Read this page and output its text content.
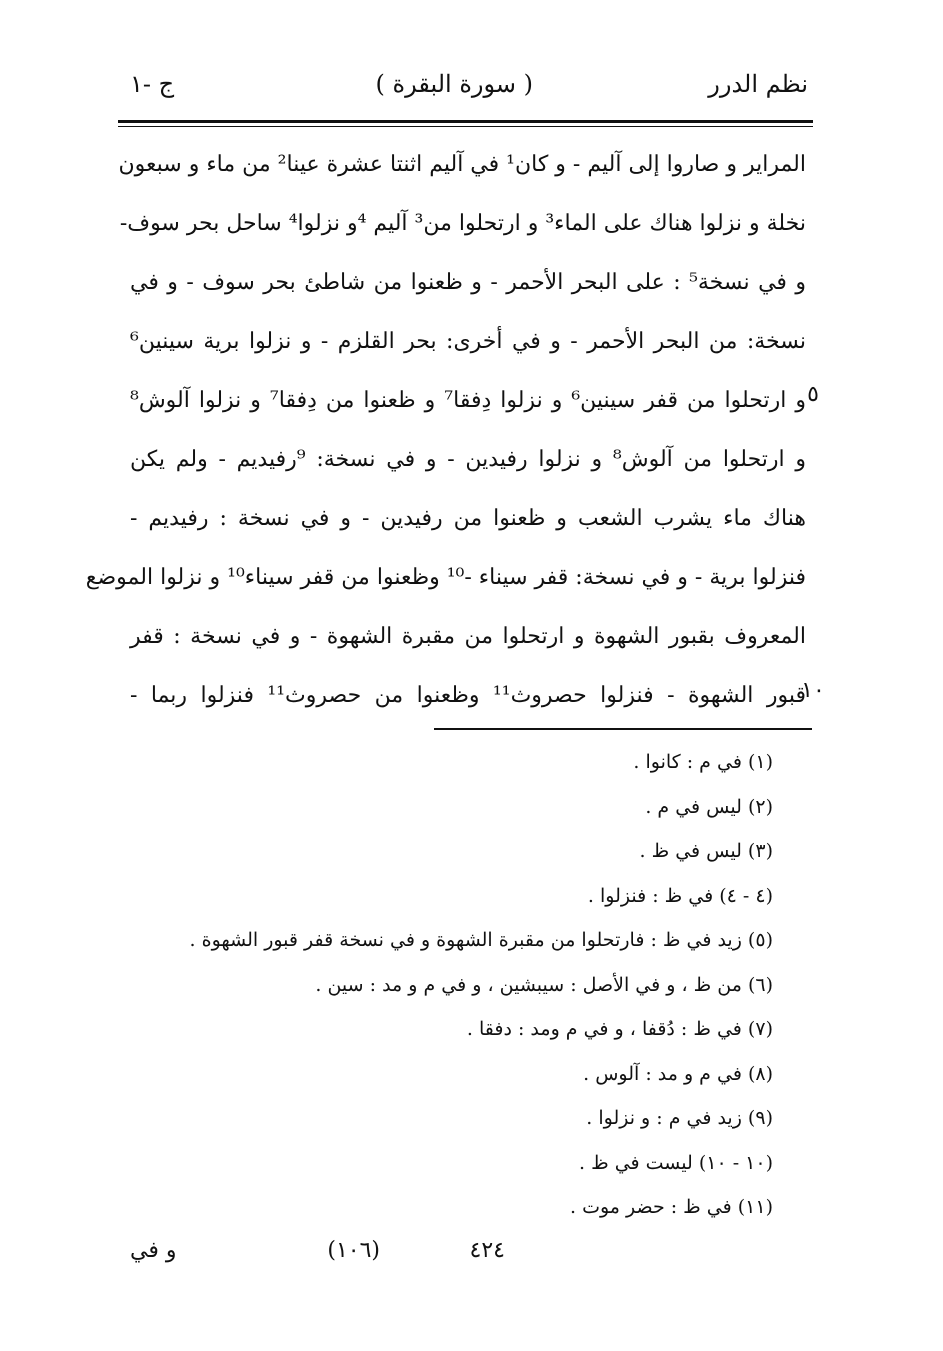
نظم الدرر
( سورة البقرة )
ج -١
المراير و صاروا إلى آليم - و كان¹ في آليم اثنتا عشرة عينا² من ماء و سبعون
نخلة و نزلوا هناك على الماء³ و ارتحلوا من³ آليم ⁴و نزلوا⁴ ساحل بحر سوف-
و في نسخة⁵ : على البحر الأحمر - و ظعنوا من شاطئ بحر سوف - و في
نسخة: من البحر الأحمر - و في أخرى: بحر القلزم - و نزلوا برية سينين⁶
و ارتحلوا من قفر سينين⁶ و نزلوا دِفقا⁷ و ظعنوا من دِفقا⁷ و نزلوا آلوش⁸
و ارتحلوا من آلوش⁸ و نزلوا رفيدين - و في نسخة: ⁹رفيديم - ولم يكن
هناك ماء يشرب الشعب و ظعنوا من رفيدين - و في نسخة : رفيديم -
فنزلوا برية - و في نسخة: قفر سيناء -¹⁰ وظعنوا من قفر سيناء¹⁰ و نزلوا الموضع
المعروف بقبور الشهوة و ارتحلوا من مقبرة الشهوة - و في نسخة : قفر
قبور الشهوة - فنزلوا حصروث¹¹ وظعنوا من حصروث¹¹ فنزلوا ربما -
٥
١٠
(١) في م : كانوا .
(٢) ليس في م .
(٣) ليس في ظ .
(٤ - ٤) في ظ : فنزلوا .
(٥) زيد في ظ : فارتحلوا من مقبرة الشهوة و في نسخة قفر قبور الشهوة .
(٦) من ظ ، و في الأصل : سيبشين ، و في م و مد : سين .
(٧) في ظ : دُقفا ، و في م ومد : دفقا .
(٨) في م و مد : آلوس .
(٩) زيد في م : و نزلوا .
(١٠ - ١٠) ليست في ظ .
(١١) في ظ : حضر موت .
٤٢٤
(١٠٦)
و في
